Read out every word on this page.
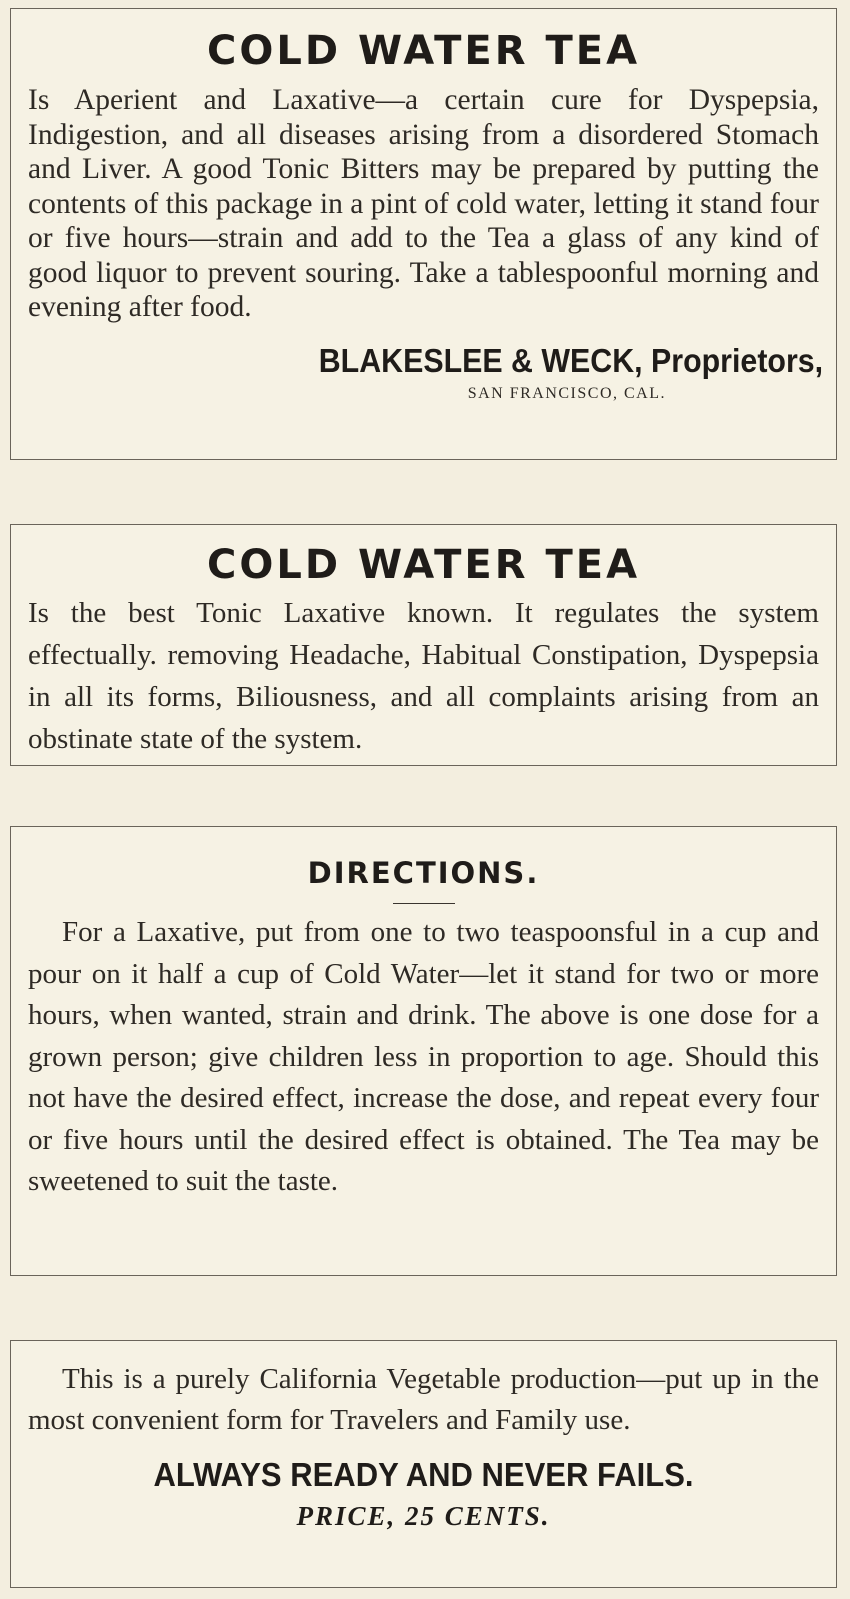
COLD WATER TEA

Is Aperient and Laxative—a certain cure for Dyspepsia, Indigestion, and all diseases arising from a disordered Stomach and Liver. A good Tonic Bitters may be prepared by putting the contents of this package in a pint of cold water, letting it stand four or five hours—strain and add to the Tea a glass of any kind of good liquor to prevent souring. Take a tablespoonful morning and evening after food.

BLAKESLEE & WECK, Proprietors,
SAN FRANCISCO, CAL.
COLD WATER TEA

Is the best Tonic Laxative known. It regulates the system effectually. removing Headache, Habitual Constipation, Dyspepsia in all its forms, Biliousness, and all complaints arising from an obstinate state of the system.

DIRECTIONS.

For a Laxative, put from one to two teaspoonsful in a cup and pour on it half a cup of Cold Water—let it stand for two or more hours, when wanted, strain and drink. The above is one dose for a grown person; give children less in proportion to age. Should this not have the desired effect, increase the dose, and repeat every four or five hours until the desired effect is obtained. The Tea may be sweetened to suit the taste.

This is a purely California Vegetable production—put up in the most convenient form for Travelers and Family use.

ALWAYS READY AND NEVER FAILS.
PRICE, 25 CENTS.
